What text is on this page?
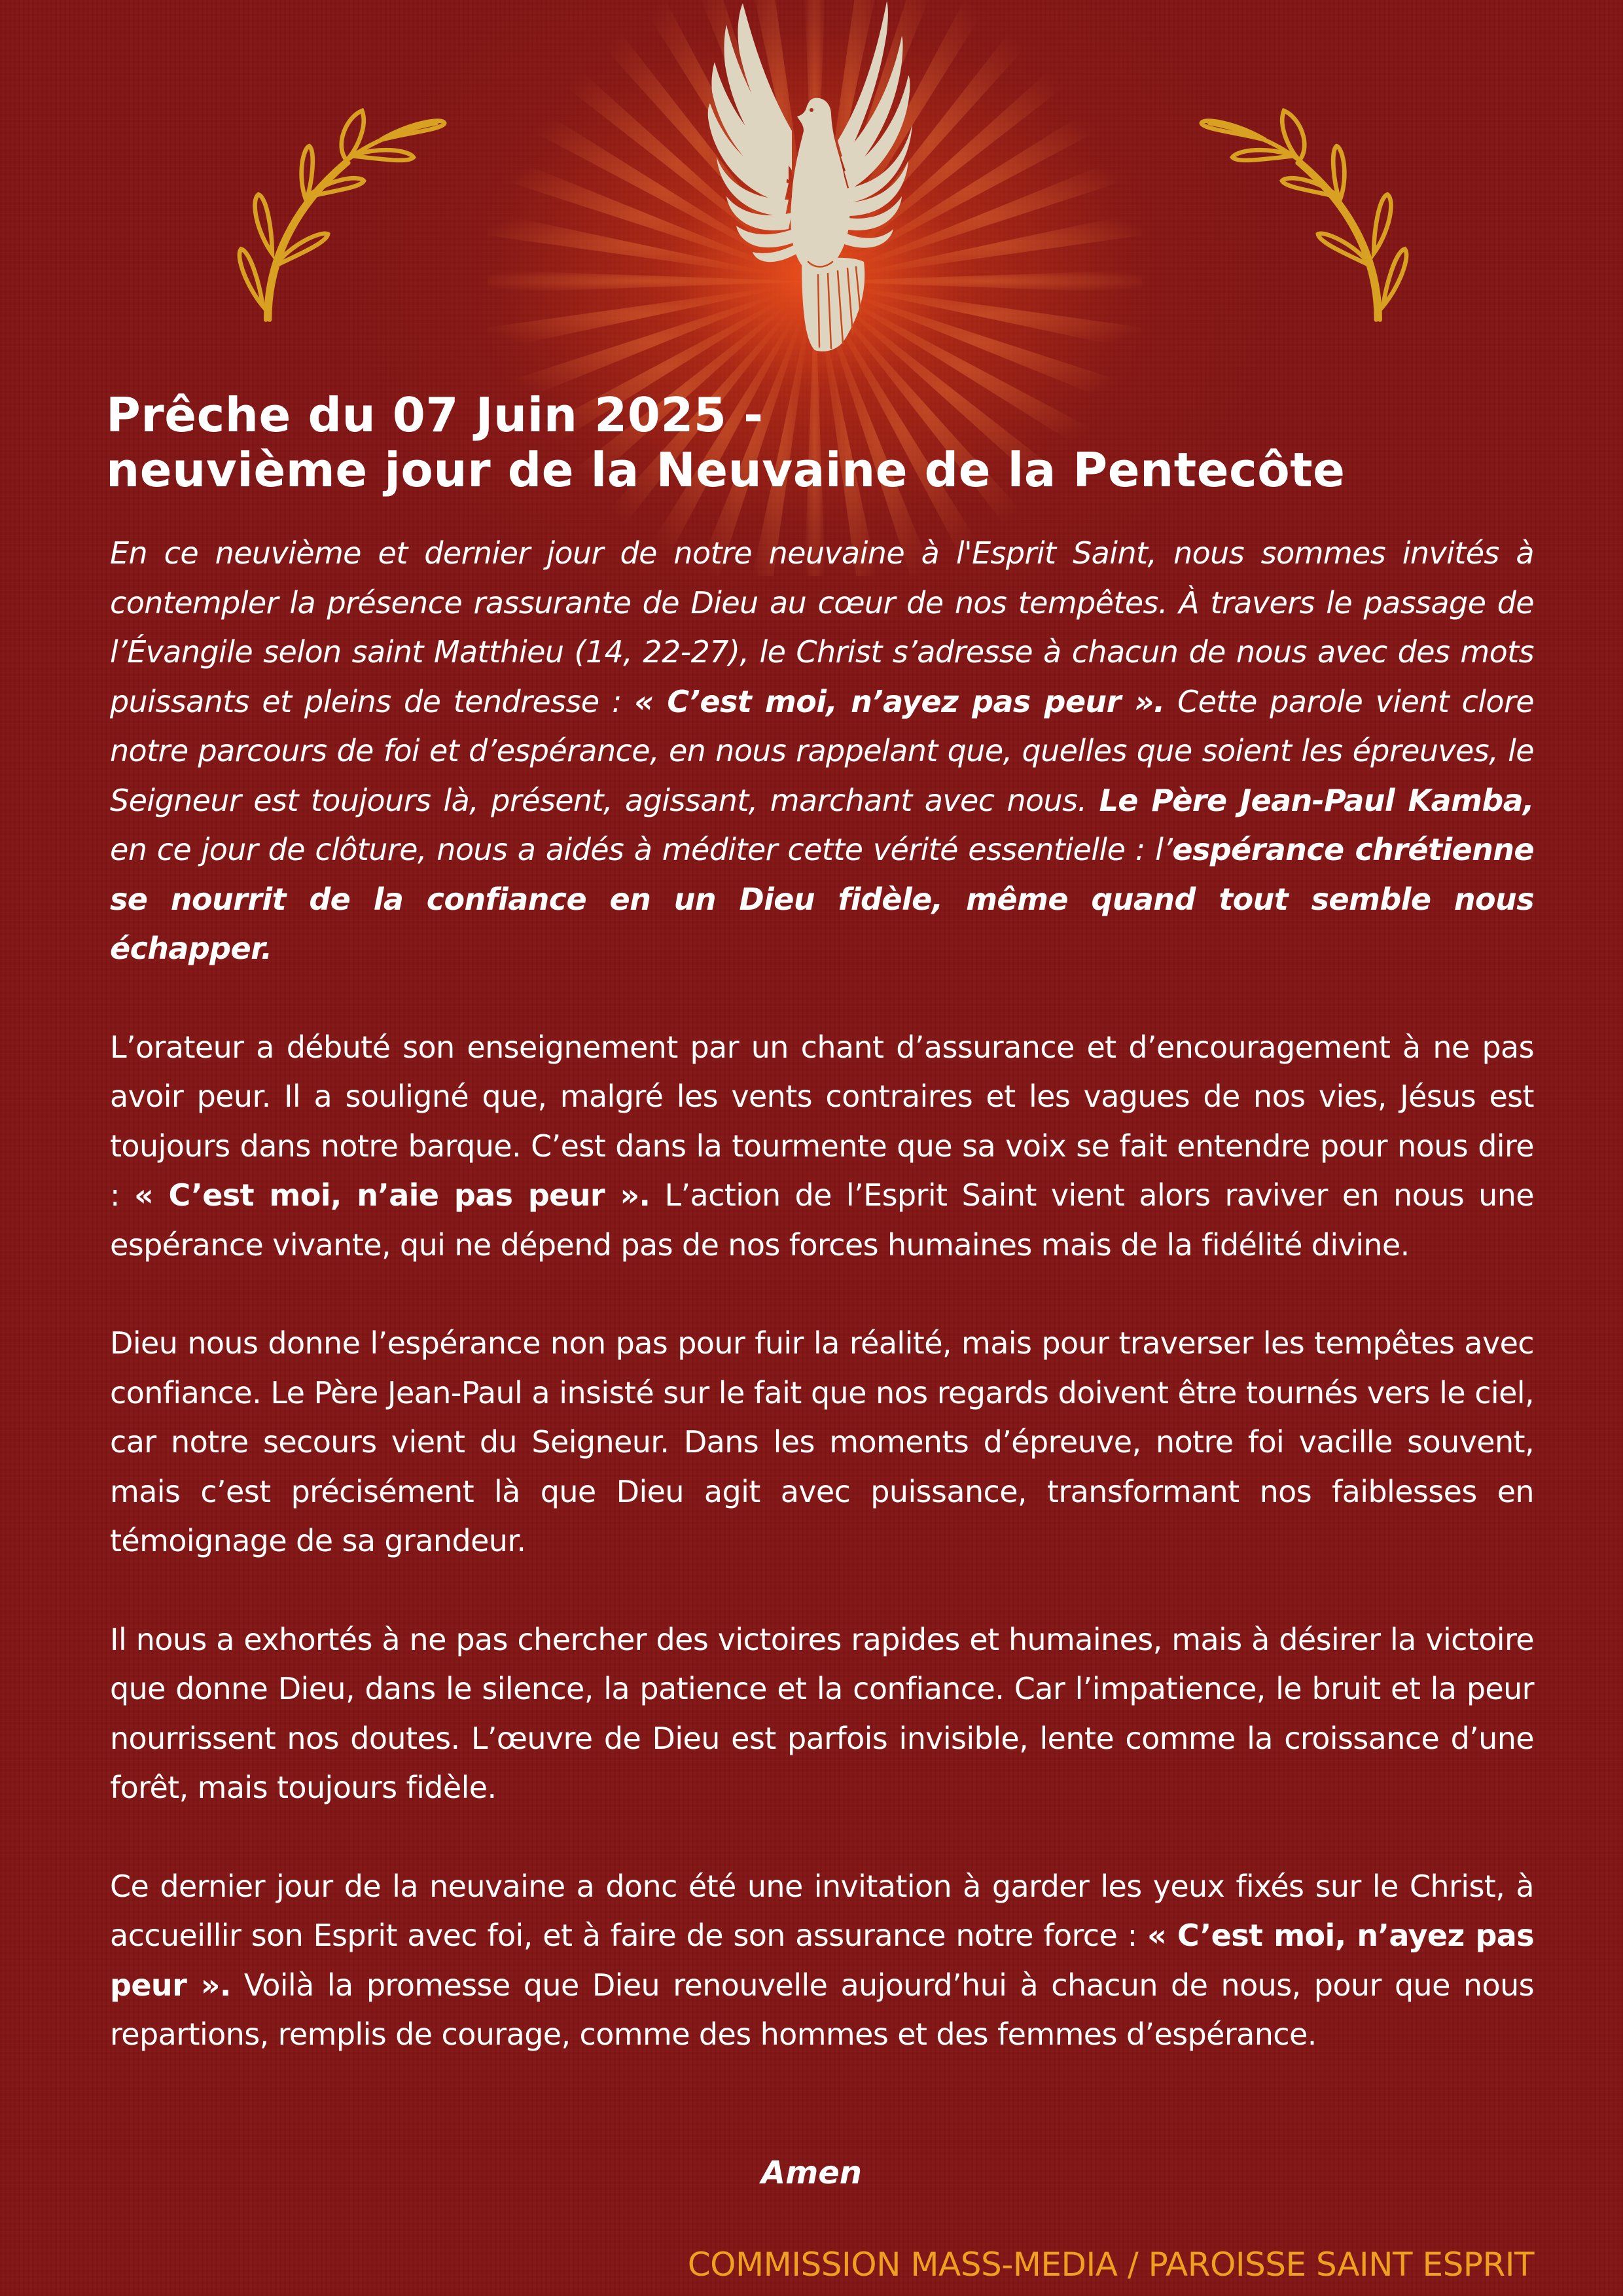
Prêche du 07 Juin 2025 -
neuvième jour de la Neuvaine de la Pentecôte

En ce neuvième et dernier jour de notre neuvaine à l'Esprit Saint, nous sommes invités à contempler la présence rassurante de Dieu au cœur de nos tempêtes. À travers le passage de l’Évangile selon saint Matthieu (14, 22-27), le Christ s’adresse à chacun de nous avec des mots puissants et pleins de tendresse : « C’est moi, n’ayez pas peur ». Cette parole vient clore notre parcours de foi et d’espérance, en nous rappelant que, quelles que soient les épreuves, le Seigneur est toujours là, présent, agissant, marchant avec nous. Le Père Jean-Paul Kamba, en ce jour de clôture, nous a aidés à méditer cette vérité essentielle : l’espérance chrétienne se nourrit de la confiance en un Dieu fidèle, même quand tout semble nous échapper.

L’orateur a débuté son enseignement par un chant d’assurance et d’encouragement à ne pas avoir peur. Il a souligné que, malgré les vents contraires et les vagues de nos vies, Jésus est toujours dans notre barque. C’est dans la tourmente que sa voix se fait entendre pour nous dire : « C’est moi, n’aie pas peur ». L’action de l’Esprit Saint vient alors raviver en nous une espérance vivante, qui ne dépend pas de nos forces humaines mais de la fidélité divine.

Dieu nous donne l’espérance non pas pour fuir la réalité, mais pour traverser les tempêtes avec confiance. Le Père Jean-Paul a insisté sur le fait que nos regards doivent être tournés vers le ciel, car notre secours vient du Seigneur. Dans les moments d’épreuve, notre foi vacille souvent, mais c’est précisément là que Dieu agit avec puissance, transformant nos faiblesses en témoignage de sa grandeur.

Il nous a exhortés à ne pas chercher des victoires rapides et humaines, mais à désirer la victoire que donne Dieu, dans le silence, la patience et la confiance. Car l’impatience, le bruit et la peur nourrissent nos doutes. L’œuvre de Dieu est parfois invisible, lente comme la croissance d’une forêt, mais toujours fidèle.

Ce dernier jour de la neuvaine a donc été une invitation à garder les yeux fixés sur le Christ, à accueillir son Esprit avec foi, et à faire de son assurance notre force : « C’est moi, n’ayez pas peur ». Voilà la promesse que Dieu renouvelle aujourd’hui à chacun de nous, pour que nous repartions, remplis de courage, comme des hommes et des femmes d’espérance.

Amen
COMMISSION MASS-MEDIA / PAROISSE SAINT ESPRIT
